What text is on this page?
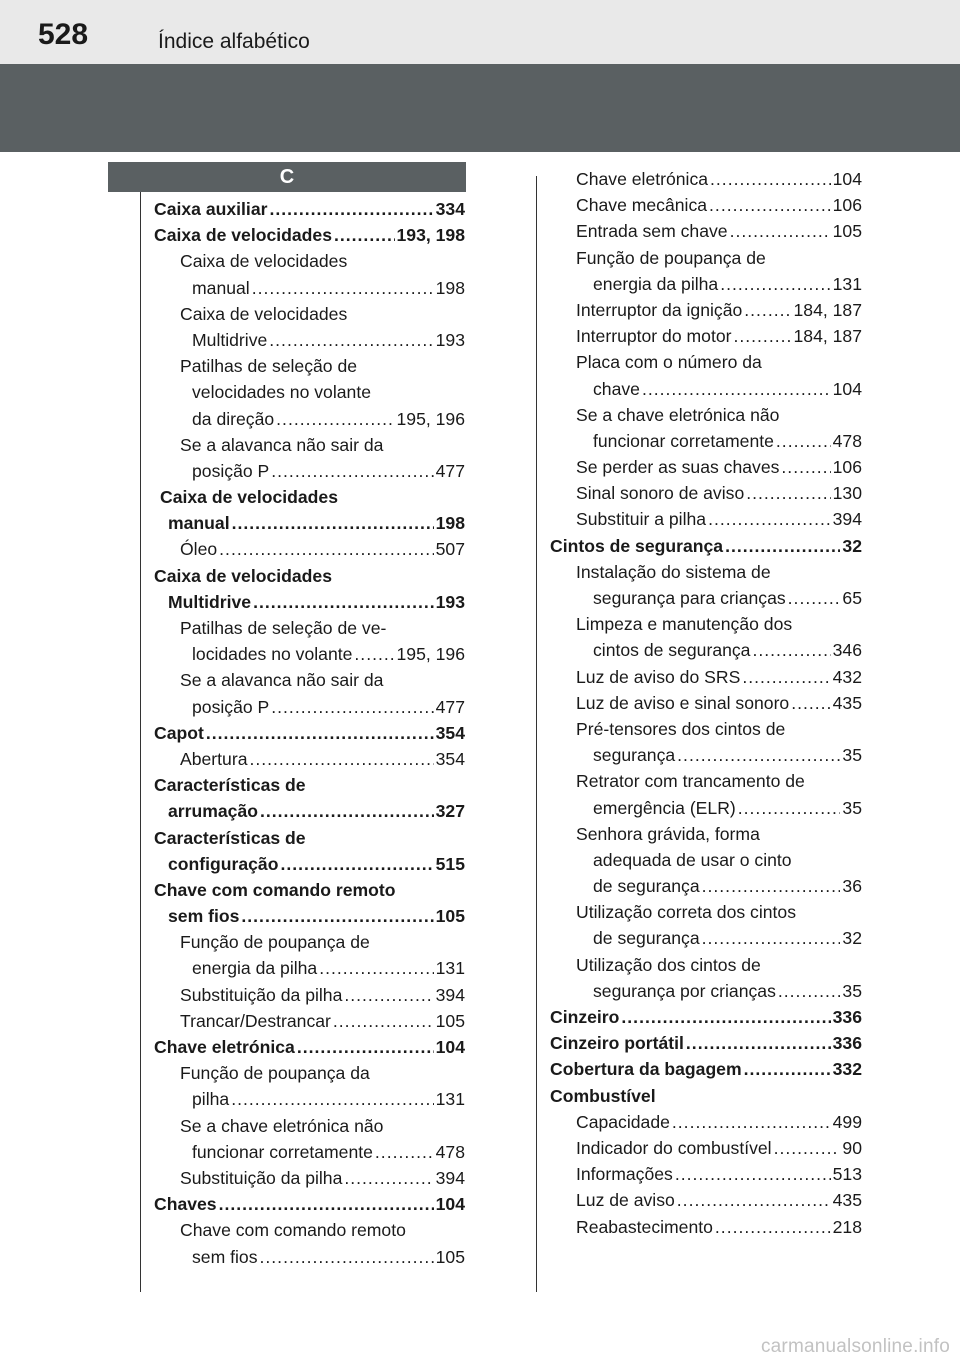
528	Índice alfabético
C
Caixa auxiliar .....	334
Caixa de velocidades .....	193, 198
Caixa de velocidades
manual .....	198
Caixa de velocidades
Multidrive .....	193
Patilhas de seleção de
velocidades no volante
da direção .....	195, 196
Se a alavanca não sair da
posição P .....	477
Caixa de velocidades
manual .....	198
Óleo .....	507
Caixa de velocidades
Multidrive .....	193
Patilhas de seleção de ve-
locidades no volante .....	195, 196
Se a alavanca não sair da
posição P .....	477
Capot .....	354
Abertura .....	354
Características de
arrumação .....	327
Características de
configuração .....	515
Chave com comando remoto
sem fios .....	105
Função de poupança de
energia da pilha .....	131
Substituição da pilha .....	394
Trancar/Destrancar .....	105
Chave eletrónica .....	104
Função de poupança da
pilha .....	131
Se a chave eletrónica não
funcionar corretamente .....	478
Substituição da pilha .....	394
Chaves .....	104
Chave com comando remoto
sem fios .....	105
Chave eletrónica .....	104
Chave mecânica .....	106
Entrada sem chave .....	105
Função de poupança de
energia da pilha .....	131
Interruptor da ignição .....	184, 187
Interruptor do motor .....	184, 187
Placa com o número da
chave .....	104
Se a chave eletrónica não
funcionar corretamente .....	478
Se perder as suas chaves .....	106
Sinal sonoro de aviso .....	130
Substituir a pilha .....	394
Cintos de segurança .....	32
Instalação do sistema de
segurança para crianças .....	65
Limpeza e manutenção dos
cintos de segurança .....	346
Luz de aviso do SRS .....	432
Luz de aviso e sinal sonoro ..... 435
Pré-tensores dos cintos de
segurança .....	35
Retrator com trancamento de
emergência (ELR) .....	35
Senhora grávida, forma
adequada de usar o cinto
de segurança .....	36
Utilização correta dos cintos
de segurança .....	32
Utilização dos cintos de
segurança por crianças .....	35
Cinzeiro .....	336
Cinzeiro portátil .....	336
Cobertura da bagagem .....	332
Combustível
Capacidade .....	499
Indicador do combustível .....	90
Informações .....	513
Luz de aviso .....	435
Reabastecimento .....	218
carmanualsonline.info
